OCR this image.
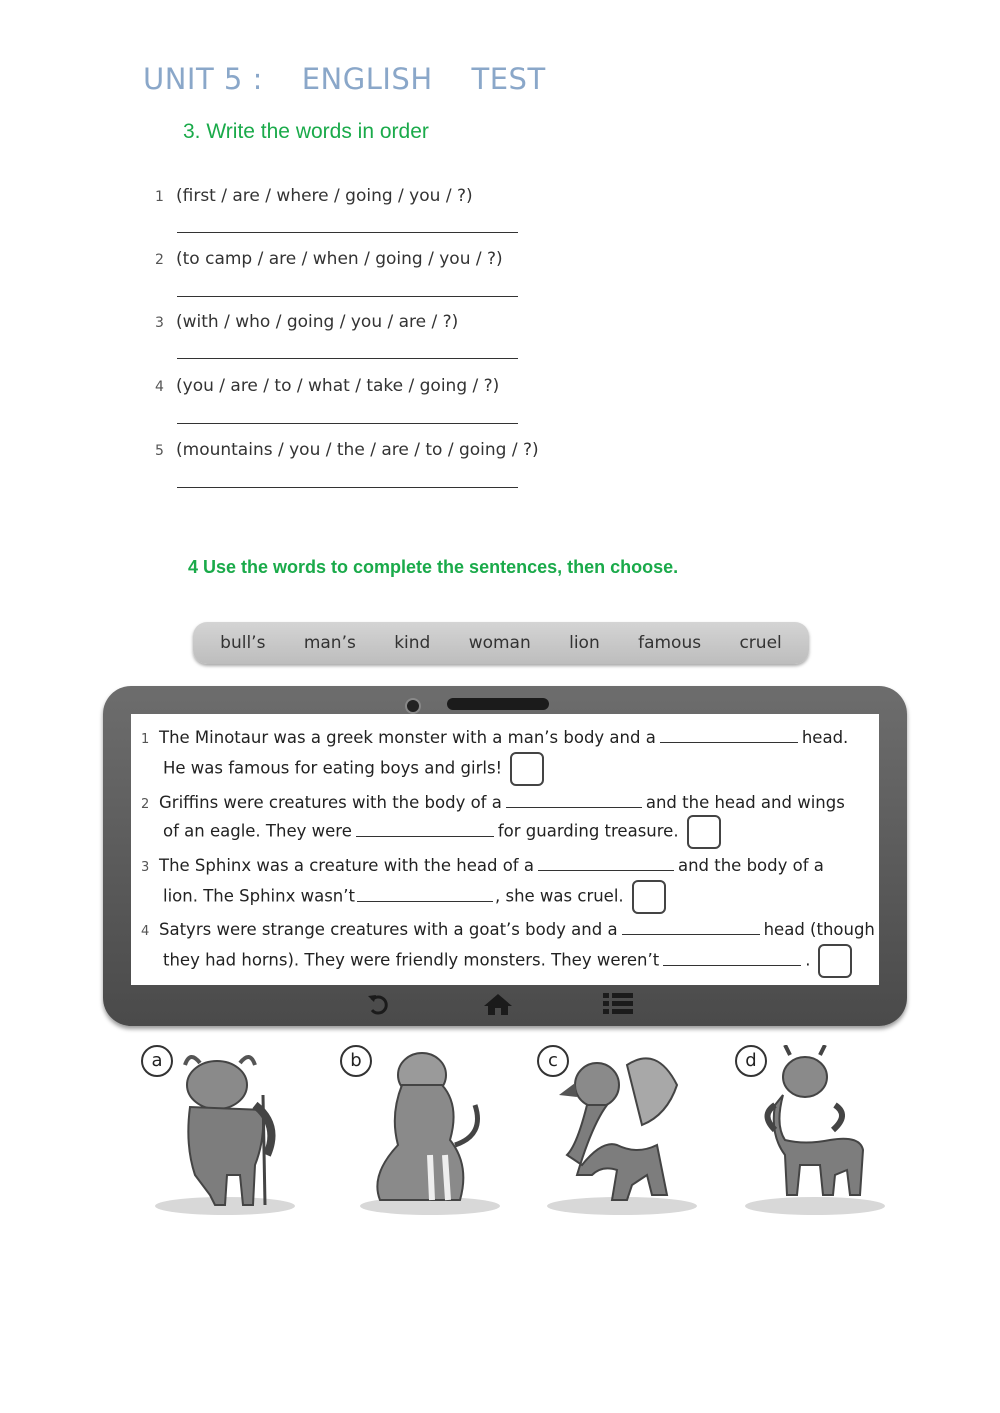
UNIT 5 :    ENGLISH    TEST
3. Write the words in order
1 (first / are / where / going / you / ?)
2 (to camp / are / when / going / you / ?)
3 (with / who / going / you / are / ?)
4 (you / are / to / what / take / going / ?)
5 (mountains / you / the / are / to / going / ?)
4 Use the words to complete the sentences, then choose.
bull’s man’s kind woman lion famous cruel
1 The Minotaur was a greek monster with a man’s body and a	head.
He was famous for eating boys and girls!
2 Griffins were creatures with the body of a	and the head and wings
of an eagle. They were	for guarding treasure.
3 The Sphinx was a creature with the head of a	and the body of a
lion. The Sphinx wasn’t	, she was cruel.
4 Satyrs were strange creatures with a goat’s body and a	head (though
they had horns). They were friendly monsters. They weren’t	.
a	b	c	d
